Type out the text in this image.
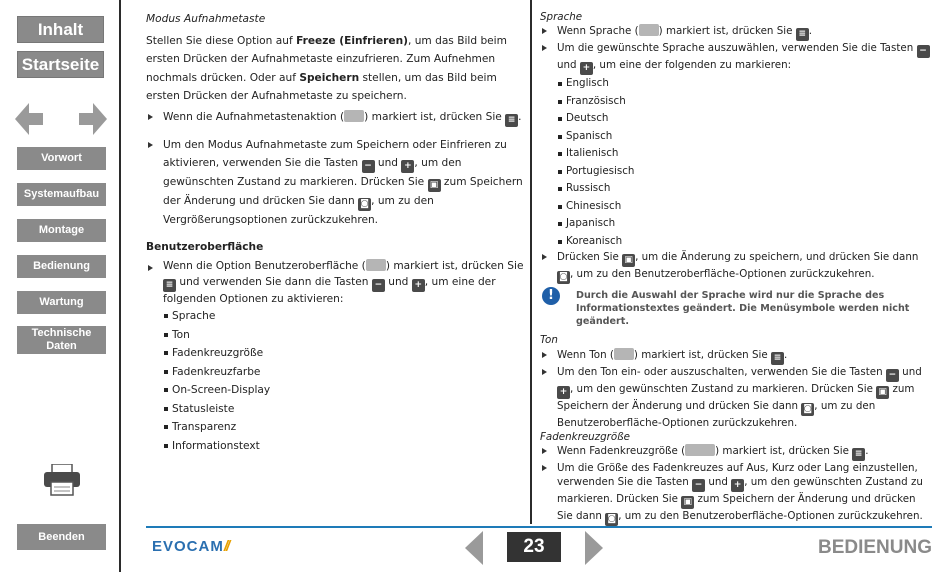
Inhalt
Startseite
Vorwort
Systemaufbau
Montage
Bedienung
Wartung
Technische
Daten
Beenden
Modus Aufnahmetaste

Stellen Sie diese Option auf Freeze (Einfrieren), um das Bild beim ersten Drücken der Aufnahmetaste einzufrieren. Zum Aufnehmen nochmals drücken. Oder auf Speichern stellen, um das Bild beim ersten Drücken der Aufnahmetaste zu speichern.

Wenn die Aufnahmetastenaktion ( ) markiert ist, drücken Sie ≡ .
Um den Modus Aufnahmetaste zum Speichern oder Einfrieren zu aktivieren, verwenden Sie die Tasten − und + , um den gewünschten Zustand zu markieren. Drücken Sie ▣ zum Speichern der Änderung und drücken Sie dann ◙ , um zu den Vergrößerungsoptionen zurückzukehren.
Benutzeroberfläche
Wenn die Option Benutzeroberfläche ( ) markiert ist, drücken Sie ≡ und verwenden Sie dann die Tasten − und + , um eine der folgenden Optionen zu aktivieren:
Sprache
Ton
Fadenkreuzgröße
Fadenkreuzfarbe
On-Screen-Display
Statusleiste
Transparenz
Informationstext
Sprache
Wenn Sprache ( ) markiert ist, drücken Sie ≡ .
Um die gewünschte Sprache auszuwählen, verwenden Sie die Tasten − und + , um eine der folgenden zu markieren:
Englisch
Französisch
Deutsch
Spanisch
Italienisch
Portugiesisch
Russisch
Chinesisch
Japanisch
Koreanisch
Drücken Sie ▣ , um die Änderung zu speichern, und drücken Sie dann ◙ , um zu den Benutzeroberfläche-Optionen zurückzukehren.
!	Durch die Auswahl der Sprache wird nur die Sprache des Informationstextes geändert. Die Menüsymbole werden nicht geändert.
Ton
Wenn Ton ( ) markiert ist, drücken Sie ≡ .
Um den Ton ein- oder auszuschalten, verwenden Sie die Tasten − und + , um den gewünschten Zustand zu markieren. Drücken Sie ▣ zum Speichern der Änderung und drücken Sie dann ◙ , um zu den Benutzeroberfläche-Optionen zurückzukehren.
Fadenkreuzgröße
Wenn Fadenkreuzgröße (	) markiert ist, drücken Sie ≡ .
Um die Größe des Fadenkreuzes auf Aus, Kurz oder Lang einzustellen, verwenden Sie die Tasten − und + , um den gewünschten Zustand zu markieren. Drücken Sie ▣ zum Speichern der Änderung und drücken Sie dann ◙ , um zu den Benutzeroberfläche-Optionen zurückzukehren.
EVOCAM//	23	BEDIENUNG
